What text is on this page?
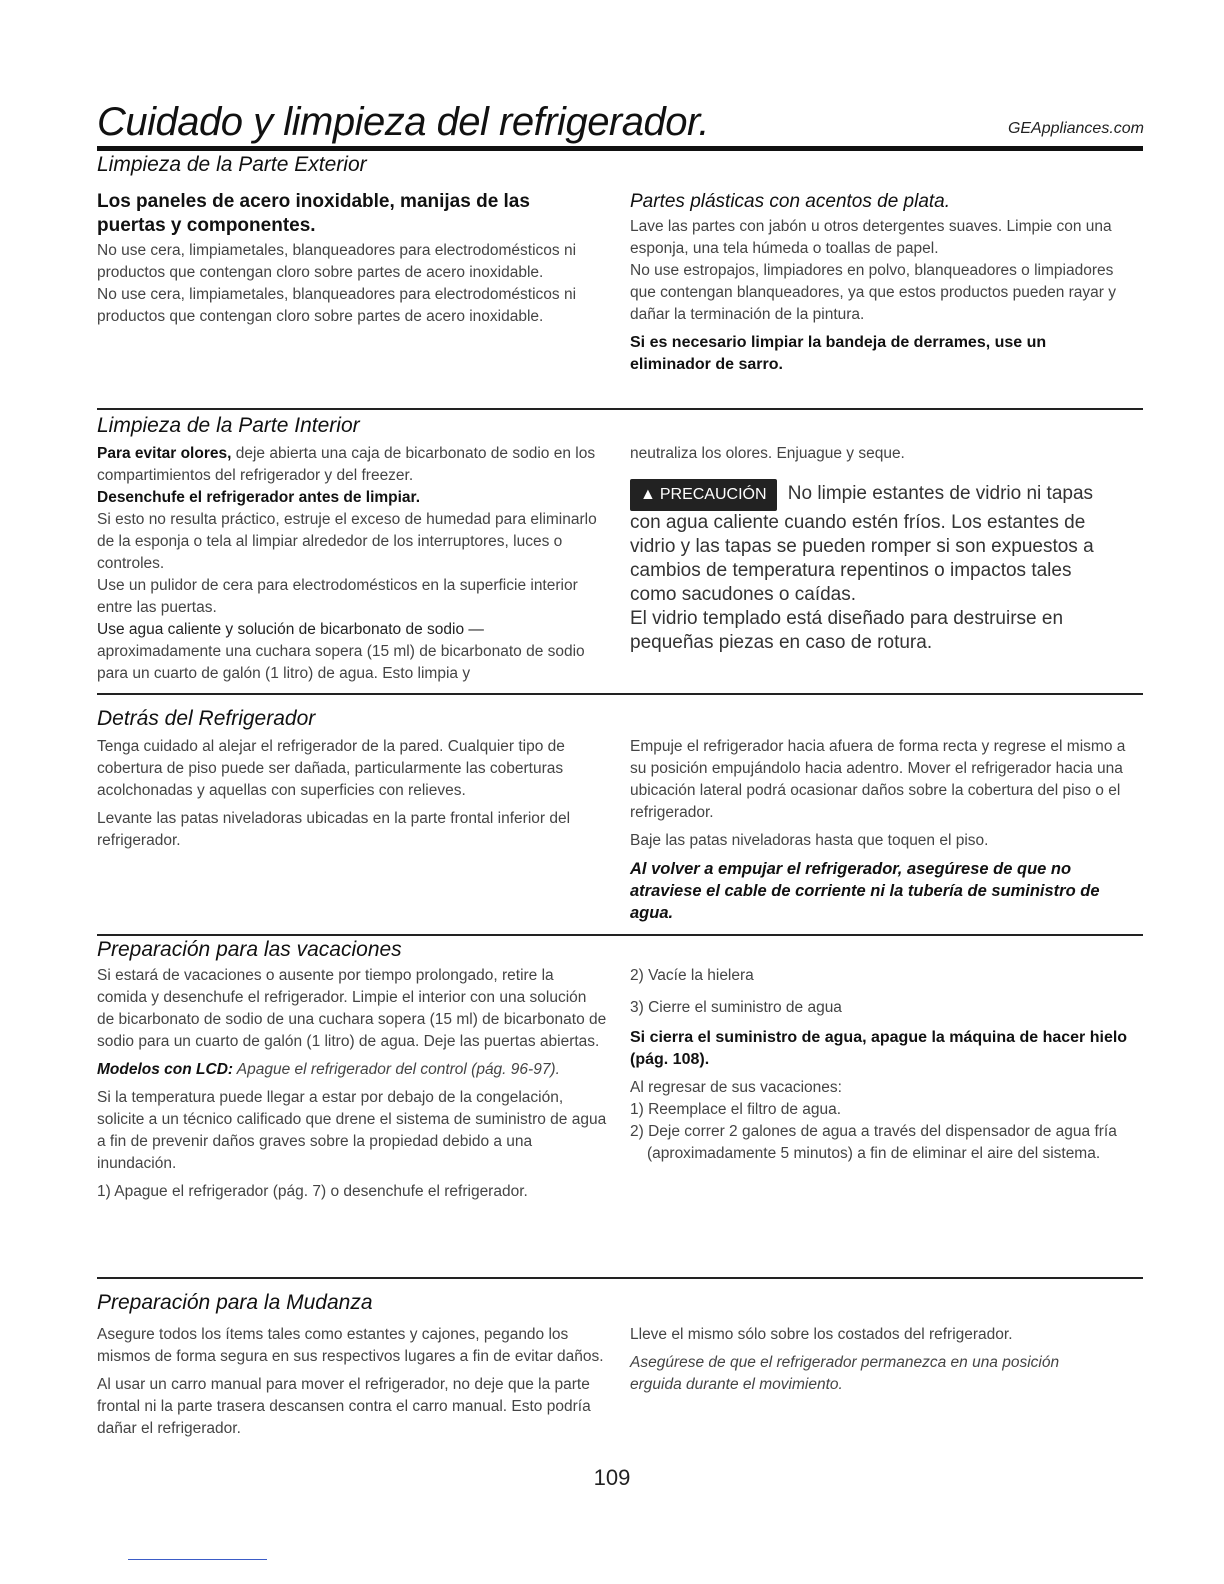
Cuidado y limpieza del refrigerador.	GEAppliances.com
Limpieza de la Parte Exterior
Los paneles de acero inoxidable, manijas de las puertas y componentes.

No use cera, limpiametales, blanqueadores para electrodomésticos ni productos que contengan cloro sobre partes de acero inoxidable.

No use cera, limpiametales, blanqueadores para electrodomésticos ni productos que contengan cloro sobre partes de acero inoxidable.

Partes plásticas con acentos de plata.

Lave las partes con jabón u otros detergentes suaves. Limpie con una esponja, una tela húmeda o toallas de papel.

No use estropajos, limpiadores en polvo, blanqueadores o limpiadores que contengan blanqueadores, ya que estos productos pueden rayar y dañar la terminación de la pintura.

Si es necesario limpiar la bandeja de derrames, use un eliminador de sarro.

Limpieza de la Parte Interior

Para evitar olores, deje abierta una caja de bicarbonato de sodio en los compartimientos del refrigerador y del freezer.

Desenchufe el refrigerador antes de limpiar.

Si esto no resulta práctico, estruje el exceso de humedad para eliminarlo de la esponja o tela al limpiar alrededor de los interruptores, luces o controles.

Use un pulidor de cera para electrodomésticos en la superficie interior entre las puertas.

Use agua caliente y solución de bicarbonato de sodio — aproximadamente una cuchara sopera (15 ml) de bicarbonato de sodio para un cuarto de galón (1 litro) de agua. Esto limpia y

neutraliza los olores. Enjuague y seque.

▲ PRECAUCIÓN No limpie estantes de vidrio ni tapas con agua caliente cuando estén fríos. Los estantes de vidrio y las tapas se pueden romper si son expuestos a cambios de temperatura repentinos o impactos tales como sacudones o caídas.

El vidrio templado está diseñado para destruirse en pequeñas piezas en caso de rotura.

Detrás del Refrigerador

Tenga cuidado al alejar el refrigerador de la pared. Cualquier tipo de cobertura de piso puede ser dañada, particularmente las coberturas acolchonadas y aquellas con superficies con relieves.

Levante las patas niveladoras ubicadas en la parte frontal inferior del refrigerador.

Empuje el refrigerador hacia afuera de forma recta y regrese el mismo a su posición empujándolo hacia adentro. Mover el refrigerador hacia una ubicación lateral podrá ocasionar daños sobre la cobertura del piso o el refrigerador.

Baje las patas niveladoras hasta que toquen el piso.

Al volver a empujar el refrigerador, asegúrese de que no atraviese el cable de corriente ni la tubería de suministro de agua.

Preparación para las vacaciones

Si estará de vacaciones o ausente por tiempo prolongado, retire la comida y desenchufe el refrigerador. Limpie el interior con una solución de bicarbonato de sodio de una cuchara sopera (15 ml) de bicarbonato de sodio para un cuarto de galón (1 litro) de agua. Deje las puertas abiertas.

Modelos con LCD: Apague el refrigerador del control (pág. 96-97).

Si la temperatura puede llegar a estar por debajo de la congelación, solicite a un técnico calificado que drene el sistema de suministro de agua a fin de prevenir daños graves sobre la propiedad debido a una inundación.

1) Apague el refrigerador (pág. 7) o desenchufe el refrigerador.

2) Vacíe la hielera

3) Cierre el suministro de agua

Si cierra el suministro de agua, apague la máquina de hacer hielo (pág. 108).

Al regresar de sus vacaciones:

1) Reemplace el filtro de agua.

2) Deje correr 2 galones de agua a través del dispensador de agua fría (aproximadamente 5 minutos) a fin de eliminar el aire del sistema.

Preparación para la Mudanza

Asegure todos los ítems tales como estantes y cajones, pegando los mismos de forma segura en sus respectivos lugares a fin de evitar daños.

Al usar un carro manual para mover el refrigerador, no deje que la parte frontal ni la parte trasera descansen contra el carro manual. Esto podría dañar el refrigerador.

Lleve el mismo sólo sobre los costados del refrigerador.

Asegúrese de que el refrigerador permanezca en una posición erguida durante el movimiento.

109
